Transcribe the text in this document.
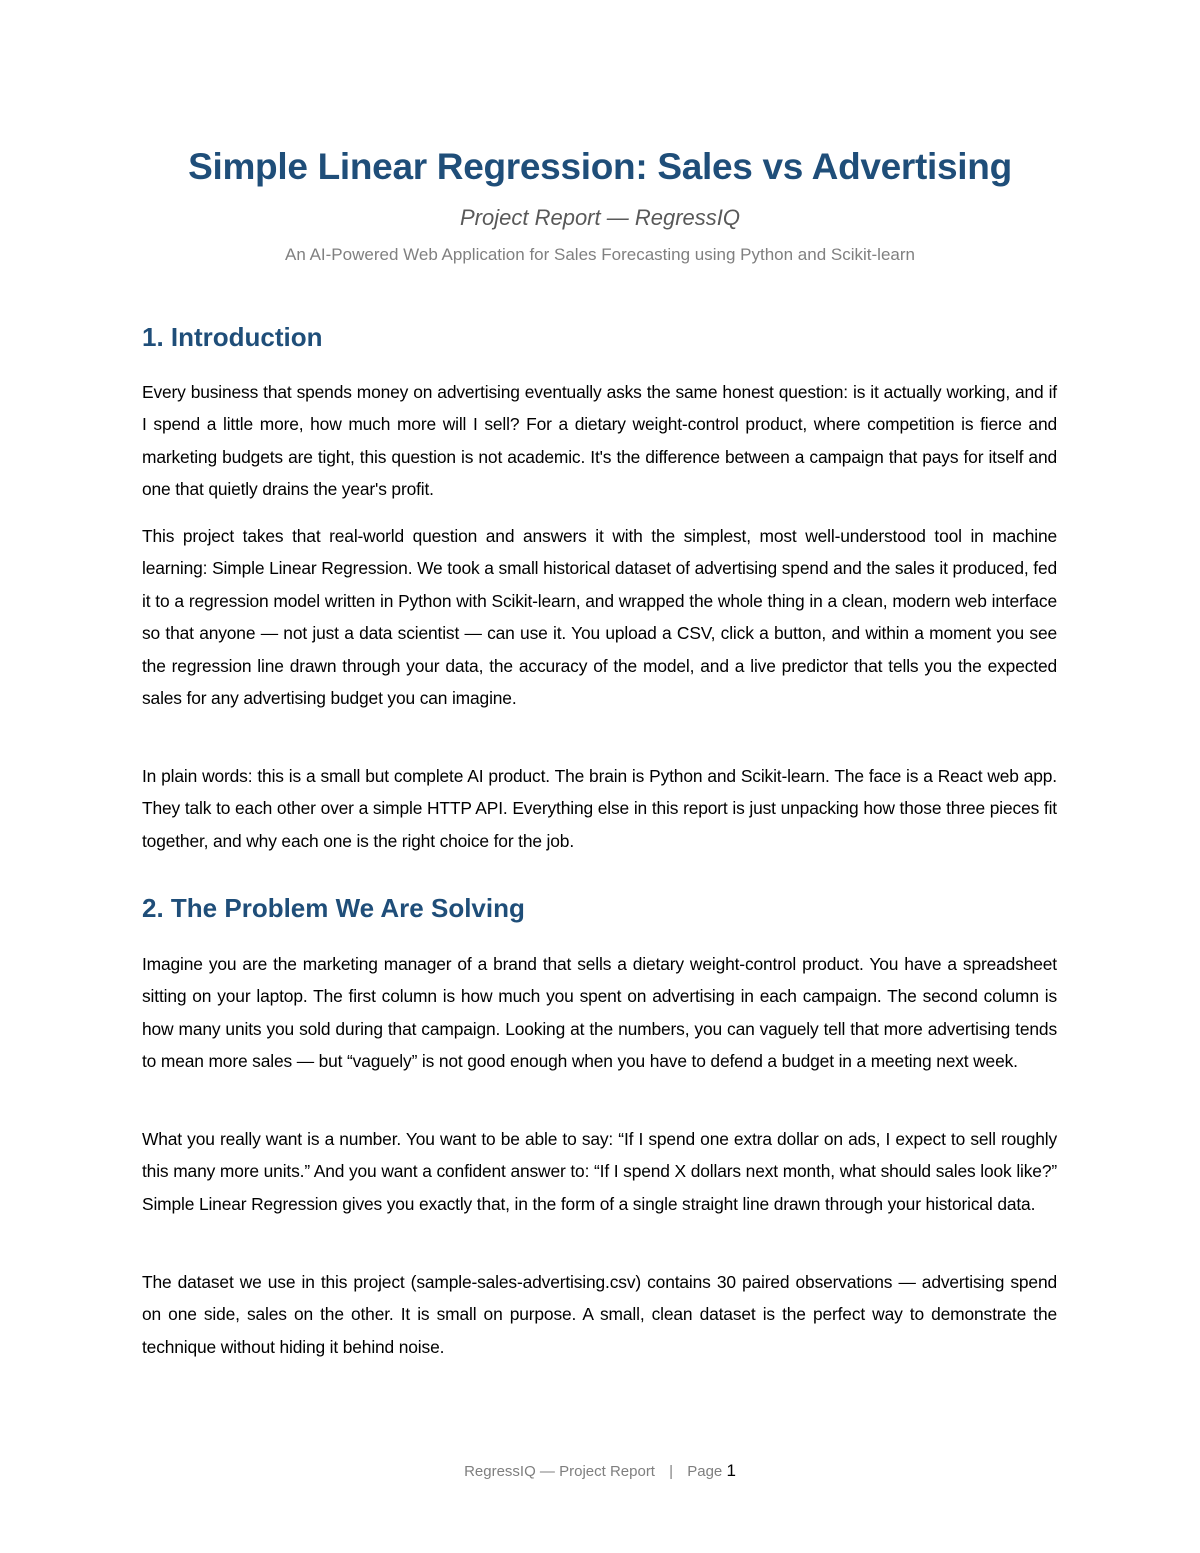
Simple Linear Regression: Sales vs Advertising
Project Report — RegressIQ
An AI-Powered Web Application for Sales Forecasting using Python and Scikit-learn
1. Introduction

Every business that spends money on advertising eventually asks the same honest question: is it actually working, and if I spend a little more, how much more will I sell? For a dietary weight-control product, where competition is fierce and marketing budgets are tight, this question is not academic. It's the difference between a campaign that pays for itself and one that quietly drains the year's profit.

This project takes that real-world question and answers it with the simplest, most well-understood tool in machine learning: Simple Linear Regression. We took a small historical dataset of advertising spend and the sales it produced, fed it to a regression model written in Python with Scikit-learn, and wrapped the whole thing in a clean, modern web interface so that anyone — not just a data scientist — can use it. You upload a CSV, click a button, and within a moment you see the regression line drawn through your data, the accuracy of the model, and a live predictor that tells you the expected sales for any advertising budget you can imagine.

In plain words: this is a small but complete AI product. The brain is Python and Scikit-learn. The face is a React web app. They talk to each other over a simple HTTP API. Everything else in this report is just unpacking how those three pieces fit together, and why each one is the right choice for the job.

2. The Problem We Are Solving

Imagine you are the marketing manager of a brand that sells a dietary weight-control product. You have a spreadsheet sitting on your laptop. The first column is how much you spent on advertising in each campaign. The second column is how many units you sold during that campaign. Looking at the numbers, you can vaguely tell that more advertising tends to mean more sales — but “vaguely” is not good enough when you have to defend a budget in a meeting next week.

What you really want is a number. You want to be able to say: “If I spend one extra dollar on ads, I expect to sell roughly this many more units.” And you want a confident answer to: “If I spend X dollars next month, what should sales look like?” Simple Linear Regression gives you exactly that, in the form of a single straight line drawn through your historical data.

The dataset we use in this project (sample-sales-advertising.csv) contains 30 paired observations — advertising spend on one side, sales on the other. It is small on purpose. A small, clean dataset is the perfect way to demonstrate the technique without hiding it behind noise.

RegressIQ — Project Report | Page 1
